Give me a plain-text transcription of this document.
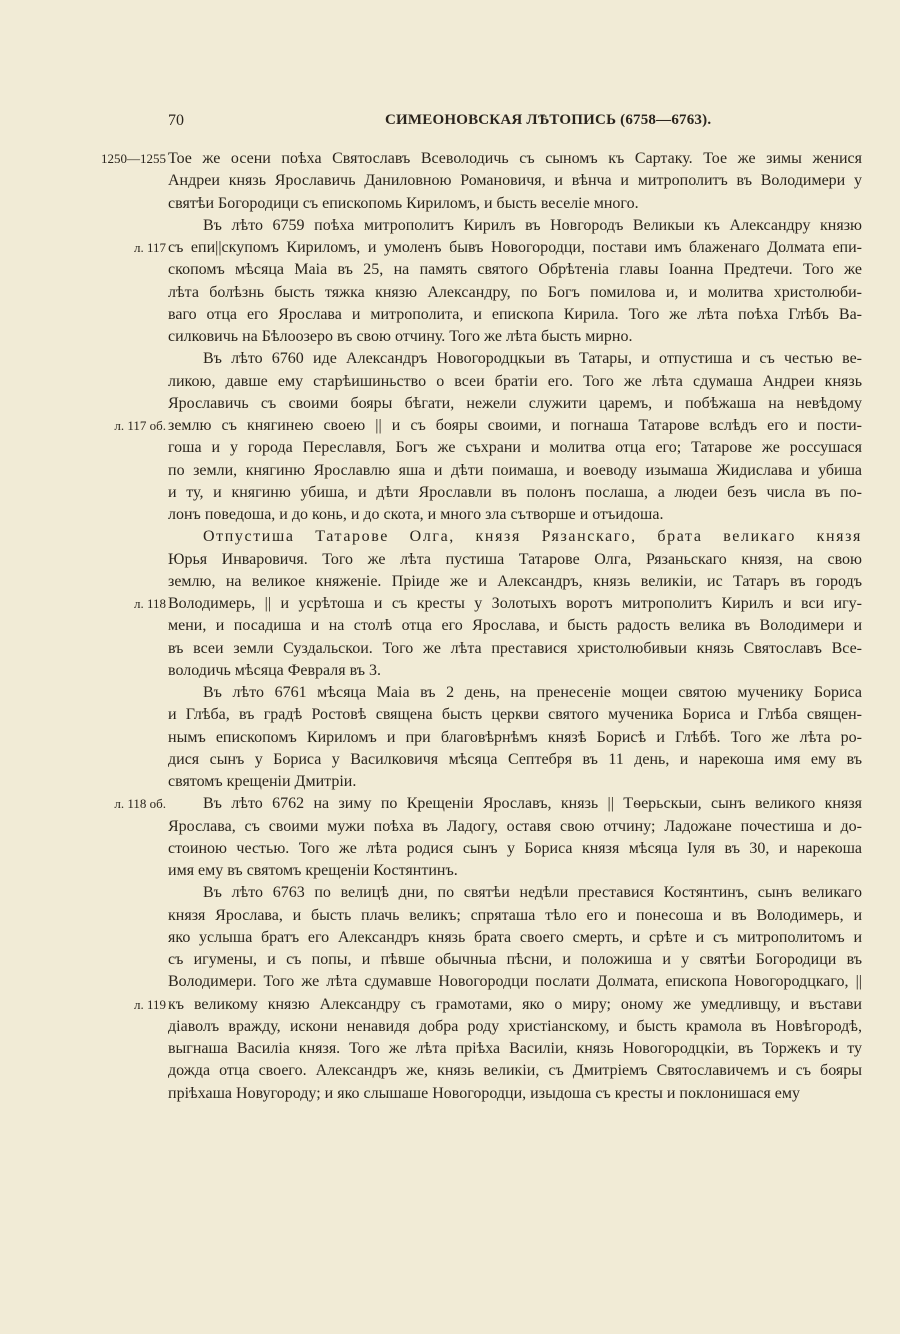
70	СИМЕОНОВСКАЯ ЛѢТОПИСЬ (6758—6763).
1250—1255 Тое же осени поѣха Святославъ Всеволодичь съ сыномъ къ Сартаку. Тое же зимы женися
Андреи князь Ярославичь Даниловною Романовичя, и вѣнча и митрополитъ въ Володимери у
святѣи Богородици съ епископомь Кириломъ, и бысть веселіе много.
Въ лѣто 6759 поѣха митрополитъ Кирилъ въ Новгородъ Великыи къ Александру князю
л. 117 съ епи||скупомъ Кириломъ, и умоленъ бывъ Новогородци, постави имъ блаженаго Долмата епи-
скопомъ мѣсяца Маіа въ 25, на память святого Обрѣтеніа главы Іоанна Предтечи. Того же
лѣта болѣзнь бысть тяжка князю Александру, по Богъ помилова и, и молитва христолюби-
ваго отца его Ярослава и митрополита, и епископа Кирила. Того же лѣта поѣха Глѣбъ Ва-
силковичь на Бѣлоозеро въ свою отчину. Того же лѣта бысть мирно.
Въ лѣто 6760 иде Александръ Новогородцкыи въ Татары, и отпустиша и съ честью ве-
ликою, давше ему старѣишиньство о всеи братіи его. Того же лѣта сдумаша Андреи князь
Ярославичь съ своими бояры бѣгати, нежели служити царемъ, и побѣжаша на невѣдому
л. 117 об. землю съ княгинею своею || и съ бояры своими, и погнаша Татарове вслѣдъ его и пости-
гоша и у города Переславля, Богъ же съхрани и молитва отца его; Татарове же россушася
по земли, княгиню Ярославлю яша и дѣти поимаша, и воеводу изымаша Жидислава и убиша
и ту, и княгиню убиша, и дѣти Ярославли въ полонъ послаша, а людеи безъ числа въ по-
лонъ поведоша, и до конь, и до скота, и много зла сътворше и отъидоша.
Отпустиша Татарове Олга, князя Рязанскаго, брата великаго князя
Юрья Инваровичя. Того же лѣта пустиша Татарове Олга, Рязаньскаго князя, на свою
землю, на великое княженіе. Пріиде же и Александръ, князь великіи, ис Татаръ въ городъ
л. 118 Володимерь, || и усрѣтоша и съ кресты у Золотыхъ воротъ митрополитъ Кирилъ и вси игу-
мени, и посадиша и на столѣ отца его Ярослава, и бысть радость велика въ Володимери и
въ всеи земли Суздальскои. Того же лѣта преставися христолюбивыи князь Святославъ Все-
володичь мѣсяца Февраля въ 3.
Въ лѣто 6761 мѣсяца Маіа въ 2 день, на пренесеніе мощеи святою мученику Бориса
и Глѣба, въ градѣ Ростовѣ священа бысть церкви святого мученика Бориса и Глѣба священ-
нымъ епископомъ Кириломъ и при благовѣрнѣмъ князѣ Борисѣ и Глѣбѣ. Того же лѣта ро-
дися сынъ у Бориса у Василковичя мѣсяца Септебря въ 11 день, и нарекоша имя ему въ
святомъ крещеніи Дмитріи.
л. 118 об. Въ лѣто 6762 на зиму по Крещеніи Ярославъ, князь || Тѳерьскыи, сынъ великого князя
Ярослава, съ своими мужи поѣха въ Ладогу, оставя свою отчину; Ладожане почестиша и до-
стоиною честью. Того же лѣта родися сынъ у Бориса князя мѣсяца Іуля въ 30, и нарекоша
имя ему въ святомъ крещеніи Костянтинъ.
Въ лѣто 6763 по велицѣ дни, по святѣи недѣли преставися Костянтинъ, сынъ великаго
князя Ярослава, и бысть плачь великъ; спряташа тѣло его и понесоша и въ Володимерь, и
яко услыша братъ его Александръ князь брата своего смерть, и срѣте и съ митрополитомъ и
съ игумены, и съ попы, и пѣвше обычныа пѣсни, и положиша и у святѣи Богородици въ
Володимери. Того же лѣта сдумавше Новогородци послати Долмата, епископа Новогородцкаго, ||
л. 119 къ великому князю Александру съ грамотами, яко о миру; оному же умедливщу, и въстави
діаволъ вражду, искони ненавидя добра роду христіанскому, и бысть крамола въ Новѣгородѣ,
выгнаша Василіа князя. Того же лѣта пріѣха Василіи, князь Новогородцкіи, въ Торжекъ и ту
дожда отца своего. Александръ же, князь великіи, съ Дмитріемъ Святославичемъ и съ бояры
пріѣхаша Новугороду; и яко слышаше Новогородци, изыдоша съ кресты и поклонишася ему
